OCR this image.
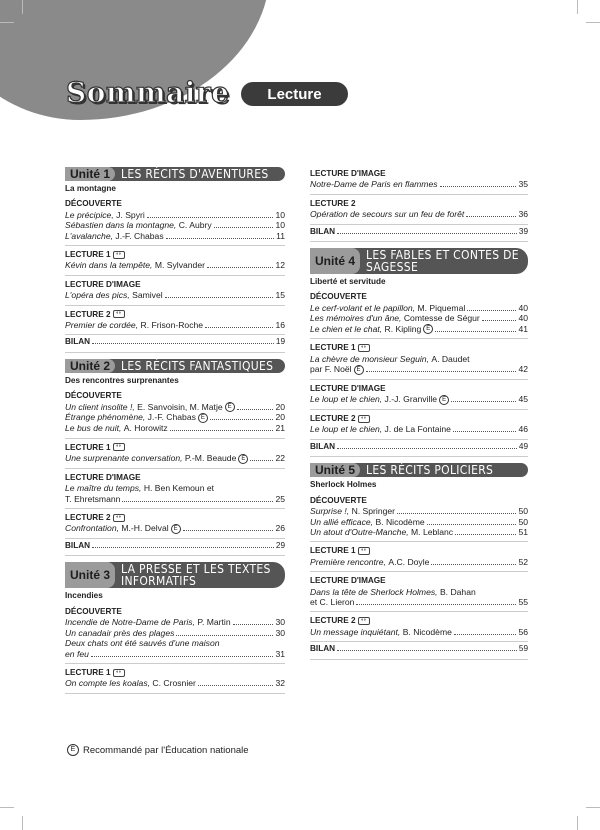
Sommaire	Lecture
Unité 1 LES RÉCITS D'AVENTURES
La montagne
DÉCOUVERTE
Le précipice, J. Spyri	10
Sébastien dans la montagne, C. Aubry	10
L'avalanche, J.-F. Chabas	11
LECTURE 1 ◖◗
Kévin dans la tempête, M. Sylvander	12
LECTURE D'IMAGE
L'opéra des pics, Samivel	15
LECTURE 2 ◖◗
Premier de cordée, R. Frison-Roche	16
BILAN	19
Unité 2 LES RÉCITS FANTASTIQUES
Des rencontres surprenantes
DÉCOUVERTE
Un client insolite !, E. Sanvoisin, M. Matje É	20
Étrange phénomène, J.-F. Chabas É	20
Le bus de nuit, A. Horowitz	21
LECTURE 1 ◖◗
Une surprenante conversation, P.-M. Beaude É	22
LECTURE D'IMAGE
Le maître du temps, H. Ben Kemoun et
T. Ehretsmann	25
LECTURE 2 ◖◗
Confrontation, M.-H. Delval É	26
BILAN	29
Unité 3 LA PRESSE ET LES TEXTES INFORMATIFS
Incendies
DÉCOUVERTE
Incendie de Notre-Dame de Paris, P. Martin	30
Un canadair près des plages	30
Deux chats ont été sauvés d'une maison
en feu	31
LECTURE 1 ◖◗
On compte les koalas, C. Crosnier	32
LECTURE D'IMAGE
Notre-Dame de Paris en flammes	35
LECTURE 2
Opération de secours sur un feu de forêt	36
BILAN	39
Unité 4 LES FABLES ET CONTES DE SAGESSE
Liberté et servitude
DÉCOUVERTE
Le cerf-volant et le papillon, M. Piquemal	40
Les mémoires d'un âne, Comtesse de Ségur	40
Le chien et le chat, R. Kipling É	41
LECTURE 1 ◖◗
La chèvre de monsieur Seguin, A. Daudet
par F. Noël É	42
LECTURE D'IMAGE
Le loup et le chien, J.-J. Granville É	45
LECTURE 2 ◖◗
Le loup et le chien, J. de La Fontaine	46
BILAN	49
Unité 5 LES RÉCITS POLICIERS
Sherlock Holmes
DÉCOUVERTE
Surprise !, N. Springer	50
Un allié efficace, B. Nicodème	50
Un atout d'Outre-Manche, M. Leblanc	51
LECTURE 1 ◖◗
Première rencontre, A.C. Doyle	52
LECTURE D'IMAGE
Dans la tête de Sherlock Holmes, B. Dahan
et C. Lieron	55
LECTURE 2 ◖◗
Un message inquiétant, B. Nicodème	56
BILAN	59
É Recommandé par l'Éducation nationale
